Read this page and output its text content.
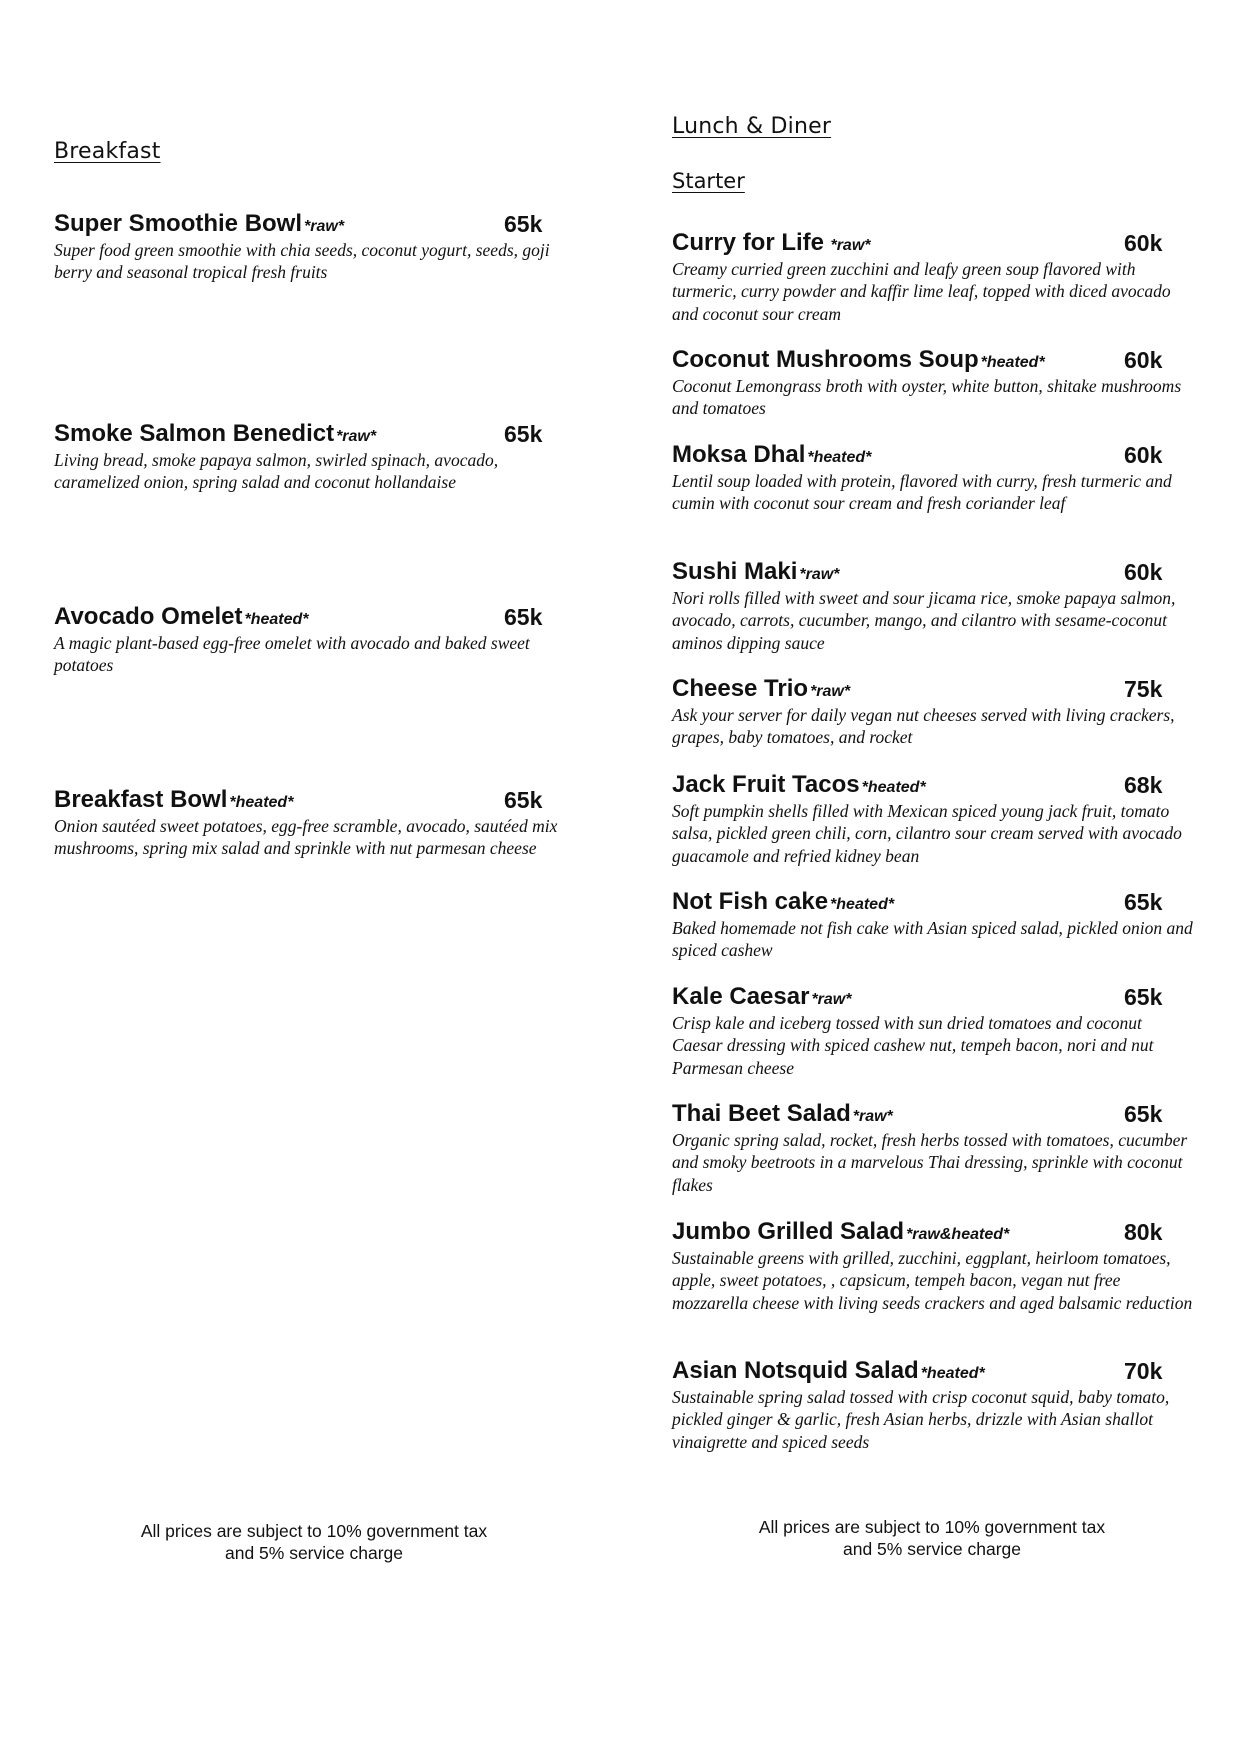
Breakfast
Super Smoothie Bowl *raw*	65k

Super food green smoothie with chia seeds, coconut yogurt, seeds, goji berry and seasonal tropical fresh fruits

Smoke Salmon Benedict *raw*	65k

Living bread, smoke papaya salmon, swirled spinach, avocado, caramelized onion, spring salad and coconut hollandaise

Avocado Omelet *heated*	65k

A magic plant-based egg-free omelet with avocado and baked sweet potatoes

Breakfast Bowl *heated*	65k

Onion sautéed sweet potatoes, egg-free scramble, avocado, sautéed mix mushrooms, spring mix salad and sprinkle with nut parmesan cheese

All prices are subject to 10% government tax
and 5% service charge
Lunch & Diner
Starter
Curry for Life *raw*	60k

Creamy curried green zucchini and leafy green soup flavored with turmeric, curry powder and kaffir lime leaf, topped with diced avocado and coconut sour cream

Coconut Mushrooms Soup *heated*	60k

Coconut Lemongrass broth with oyster, white button, shitake mushrooms and tomatoes

Moksa Dhal *heated*	60k

Lentil soup loaded with protein, flavored with curry, fresh turmeric and cumin with coconut sour cream and fresh coriander leaf

Sushi Maki *raw*	60k

Nori rolls filled with sweet and sour jicama rice, smoke papaya salmon, avocado, carrots, cucumber, mango, and cilantro with sesame-coconut aminos dipping sauce

Cheese Trio *raw*	75k

Ask your server for daily vegan nut cheeses served with living crackers, grapes, baby tomatoes, and rocket

Jack Fruit Tacos *heated*	68k

Soft pumpkin shells filled with Mexican spiced young jack fruit, tomato salsa, pickled green chili, corn, cilantro sour cream served with avocado guacamole and refried kidney bean

Not Fish cake *heated*	65k

Baked homemade not fish cake with Asian spiced salad, pickled onion and spiced cashew

Kale Caesar *raw*	65k

Crisp kale and iceberg tossed with sun dried tomatoes and coconut Caesar dressing with spiced cashew nut, tempeh bacon, nori and nut Parmesan cheese

Thai Beet Salad *raw*	65k

Organic spring salad, rocket, fresh herbs tossed with tomatoes, cucumber and smoky beetroots in a marvelous Thai dressing, sprinkle with coconut flakes

Jumbo Grilled Salad *raw&heated*	80k

Sustainable greens with grilled, zucchini, eggplant, heirloom tomatoes, apple, sweet potatoes, , capsicum, tempeh bacon, vegan nut free mozzarella cheese with living seeds crackers and aged balsamic reduction

Asian Notsquid Salad *heated*	70k

Sustainable spring salad tossed with crisp coconut squid, baby tomato, pickled ginger & garlic, fresh Asian herbs, drizzle with Asian shallot vinaigrette and spiced seeds

All prices are subject to 10% government tax
and 5% service charge
